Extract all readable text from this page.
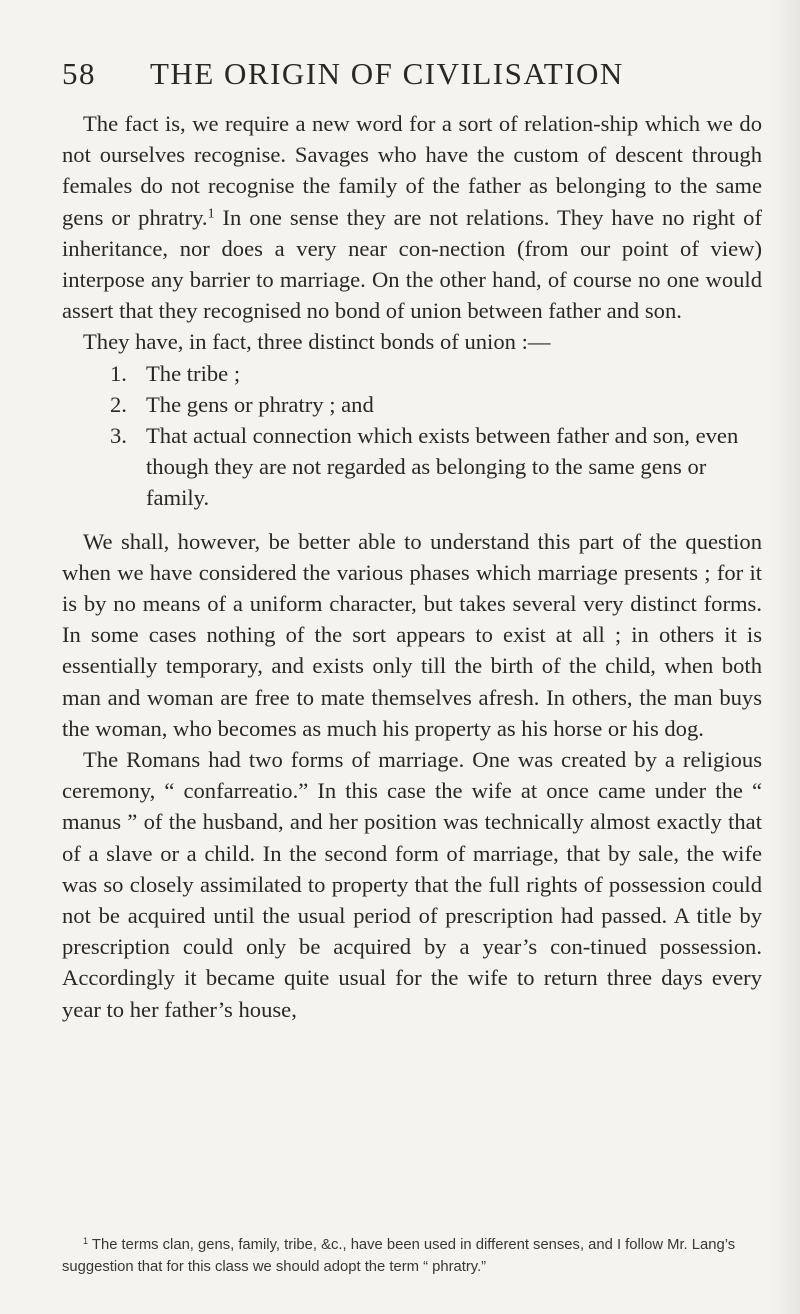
58 THE ORIGIN OF CIVILISATION

The fact is, we require a new word for a sort of relation-ship which we do not ourselves recognise. Savages who have the custom of descent through females do not recognise the family of the father as belonging to the same gens or phratry.$^1$ In one sense they are not relations. They have no right of inheritance, nor does a very near con-nection (from our point of view) interpose any barrier to marriage. On the other hand, of course no one would assert that they recognised no bond of union between father and son.

They have, in fact, three distinct bonds of union :—

1. The tribe ;
2. The gens or phratry ; and
3. That actual connection which exists between father and son, even though they are not regarded as belonging to the same gens or family.

We shall, however, be better able to understand this part of the question when we have considered the various phases which marriage presents ; for it is by no means of a uniform character, but takes several very distinct forms. In some cases nothing of the sort appears to exist at all ; in others it is essentially temporary, and exists only till the birth of the child, when both man and woman are free to mate themselves afresh. In others, the man buys the woman, who becomes as much his property as his horse or his dog.

The Romans had two forms of marriage. One was created by a religious ceremony, “ confarreatio.” In this case the wife at once came under the “ manus ” of the husband, and her position was technically almost exactly that of a slave or a child. In the second form of marriage, that by sale, the wife was so closely assimilated to property that the full rights of possession could not be acquired until the usual period of prescription had passed. A title by prescription could only be acquired by a year’s con-tinued possession. Accordingly it became quite usual for the wife to return three days every year to her father’s house,

$^1$ The terms clan, gens, family, tribe, &c., have been used in different senses, and I follow Mr. Lang’s suggestion that for this class we should adopt the term “ phratry.”
